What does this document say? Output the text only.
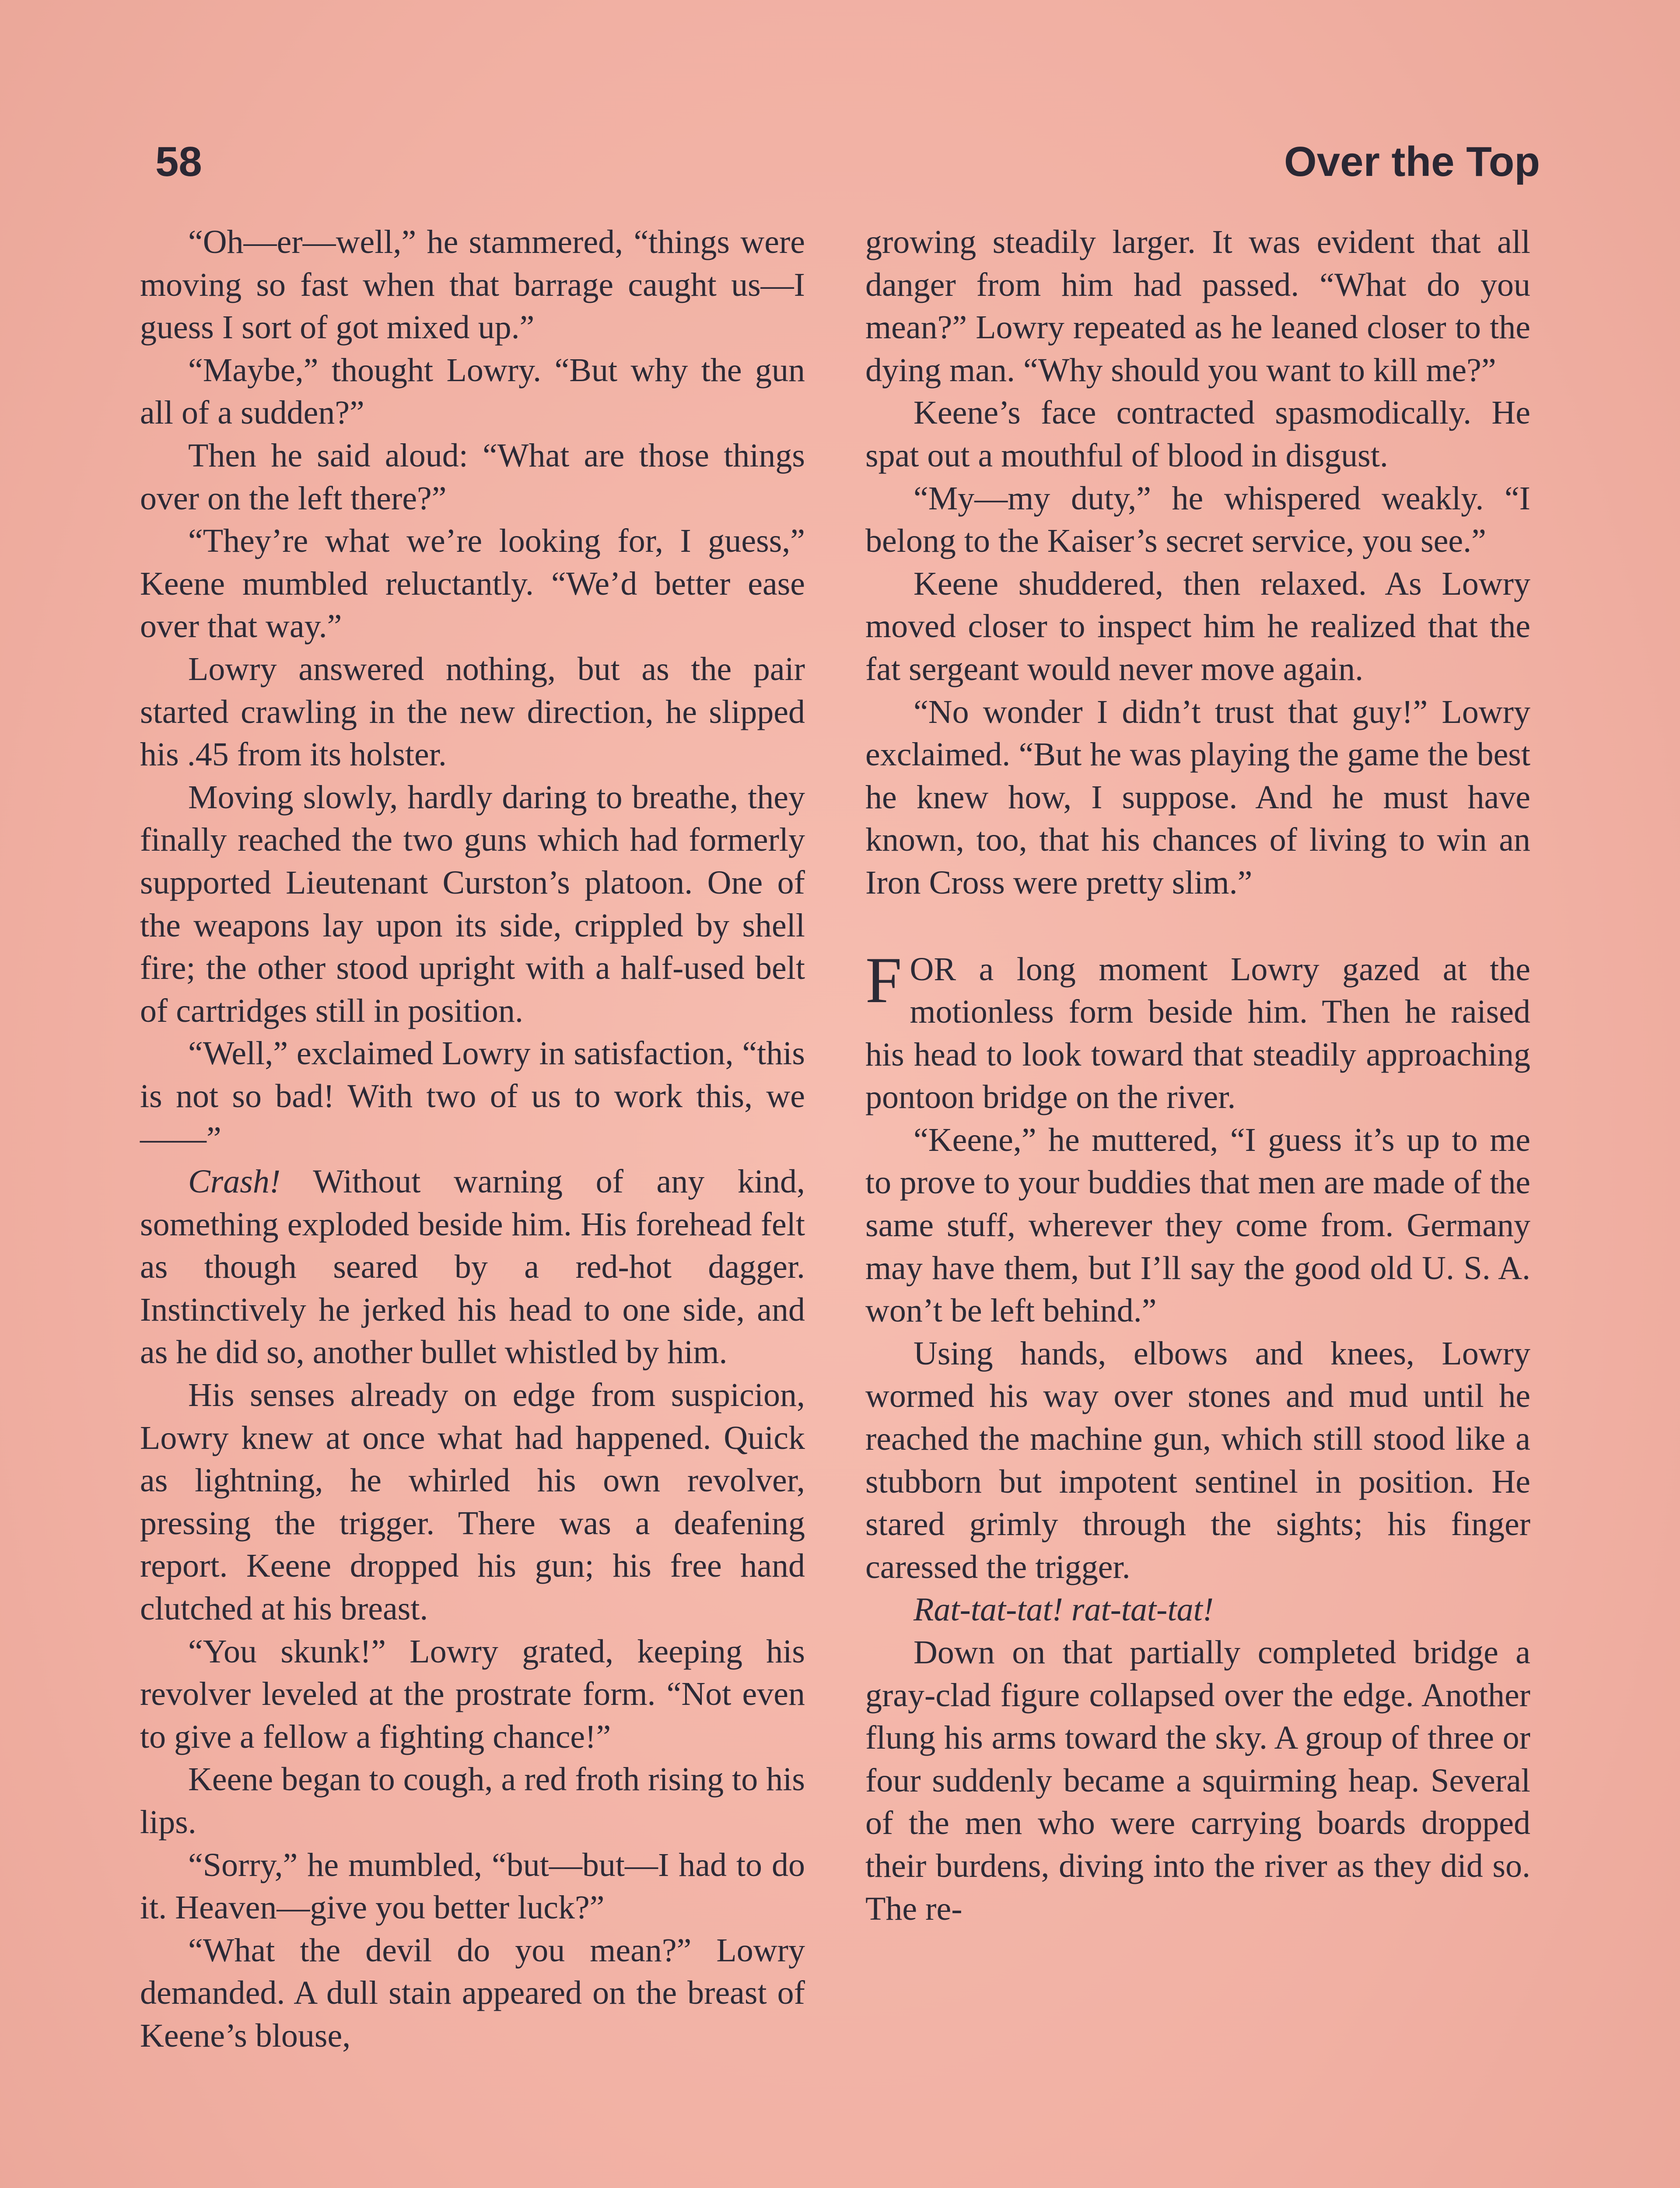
58	Over the Top

“Oh—er—well,” he stammered, “things were moving so fast when that barrage caught us—I guess I sort of got mixed up.”

“Maybe,” thought Lowry. “But why the gun all of a sudden?”

Then he said aloud: “What are those things over on the left there?”

“They’re what we’re looking for, I guess,” Keene mumbled reluctantly. “We’d better ease over that way.”

Lowry answered nothing, but as the pair started crawling in the new direction, he slipped his .45 from its holster.

Moving slowly, hardly daring to breathe, they finally reached the two guns which had formerly supported Lieutenant Curston’s platoon. One of the weapons lay upon its side, crippled by shell fire; the other stood upright with a half-used belt of cartridges still in position.

“Well,” exclaimed Lowry in satisfaction, “this is not so bad! With two of us to work this, we——”

Crash! Without warning of any kind, something exploded beside him. His forehead felt as though seared by a red-hot dagger. Instinctively he jerked his head to one side, and as he did so, another bullet whistled by him.

His senses already on edge from suspicion, Lowry knew at once what had happened. Quick as lightning, he whirled his own revolver, pressing the trigger. There was a deafening report. Keene dropped his gun; his free hand clutched at his breast.

“You skunk!” Lowry grated, keeping his revolver leveled at the prostrate form. “Not even to give a fellow a fighting chance!”

Keene began to cough, a red froth rising to his lips.

“Sorry,” he mumbled, “but—but—I had to do it. Heaven—give you better luck?”

“What the devil do you mean?” Lowry demanded. A dull stain appeared on the breast of Keene’s blouse,

growing steadily larger. It was evident that all danger from him had passed. “What do you mean?” Lowry repeated as he leaned closer to the dying man. “Why should you want to kill me?”

Keene’s face contracted spasmodically. He spat out a mouthful of blood in disgust.

“My—my duty,” he whispered weakly. “I belong to the Kaiser’s secret service, you see.”

Keene shuddered, then relaxed. As Lowry moved closer to inspect him he realized that the fat sergeant would never move again.

“No wonder I didn’t trust that guy!” Lowry exclaimed. “But he was playing the game the best he knew how, I suppose. And he must have known, too, that his chances of living to win an Iron Cross were pretty slim.”

FOR a long moment Lowry gazed at the motionless form beside him. Then he raised his head to look toward that steadily approaching pontoon bridge on the river.

“Keene,” he muttered, “I guess it’s up to me to prove to your buddies that men are made of the same stuff, wherever they come from. Germany may have them, but I’ll say the good old U. S. A. won’t be left behind.”

Using hands, elbows and knees, Lowry wormed his way over stones and mud until he reached the machine gun, which still stood like a stubborn but impotent sentinel in position. He stared grimly through the sights; his finger caressed the trigger.

Rat-tat-tat! rat-tat-tat!

Down on that partially completed bridge a gray-clad figure collapsed over the edge. Another flung his arms toward the sky. A group of three or four suddenly became a squirming heap. Several of the men who were carrying boards dropped their burdens, diving into the river as they did so. The re-
